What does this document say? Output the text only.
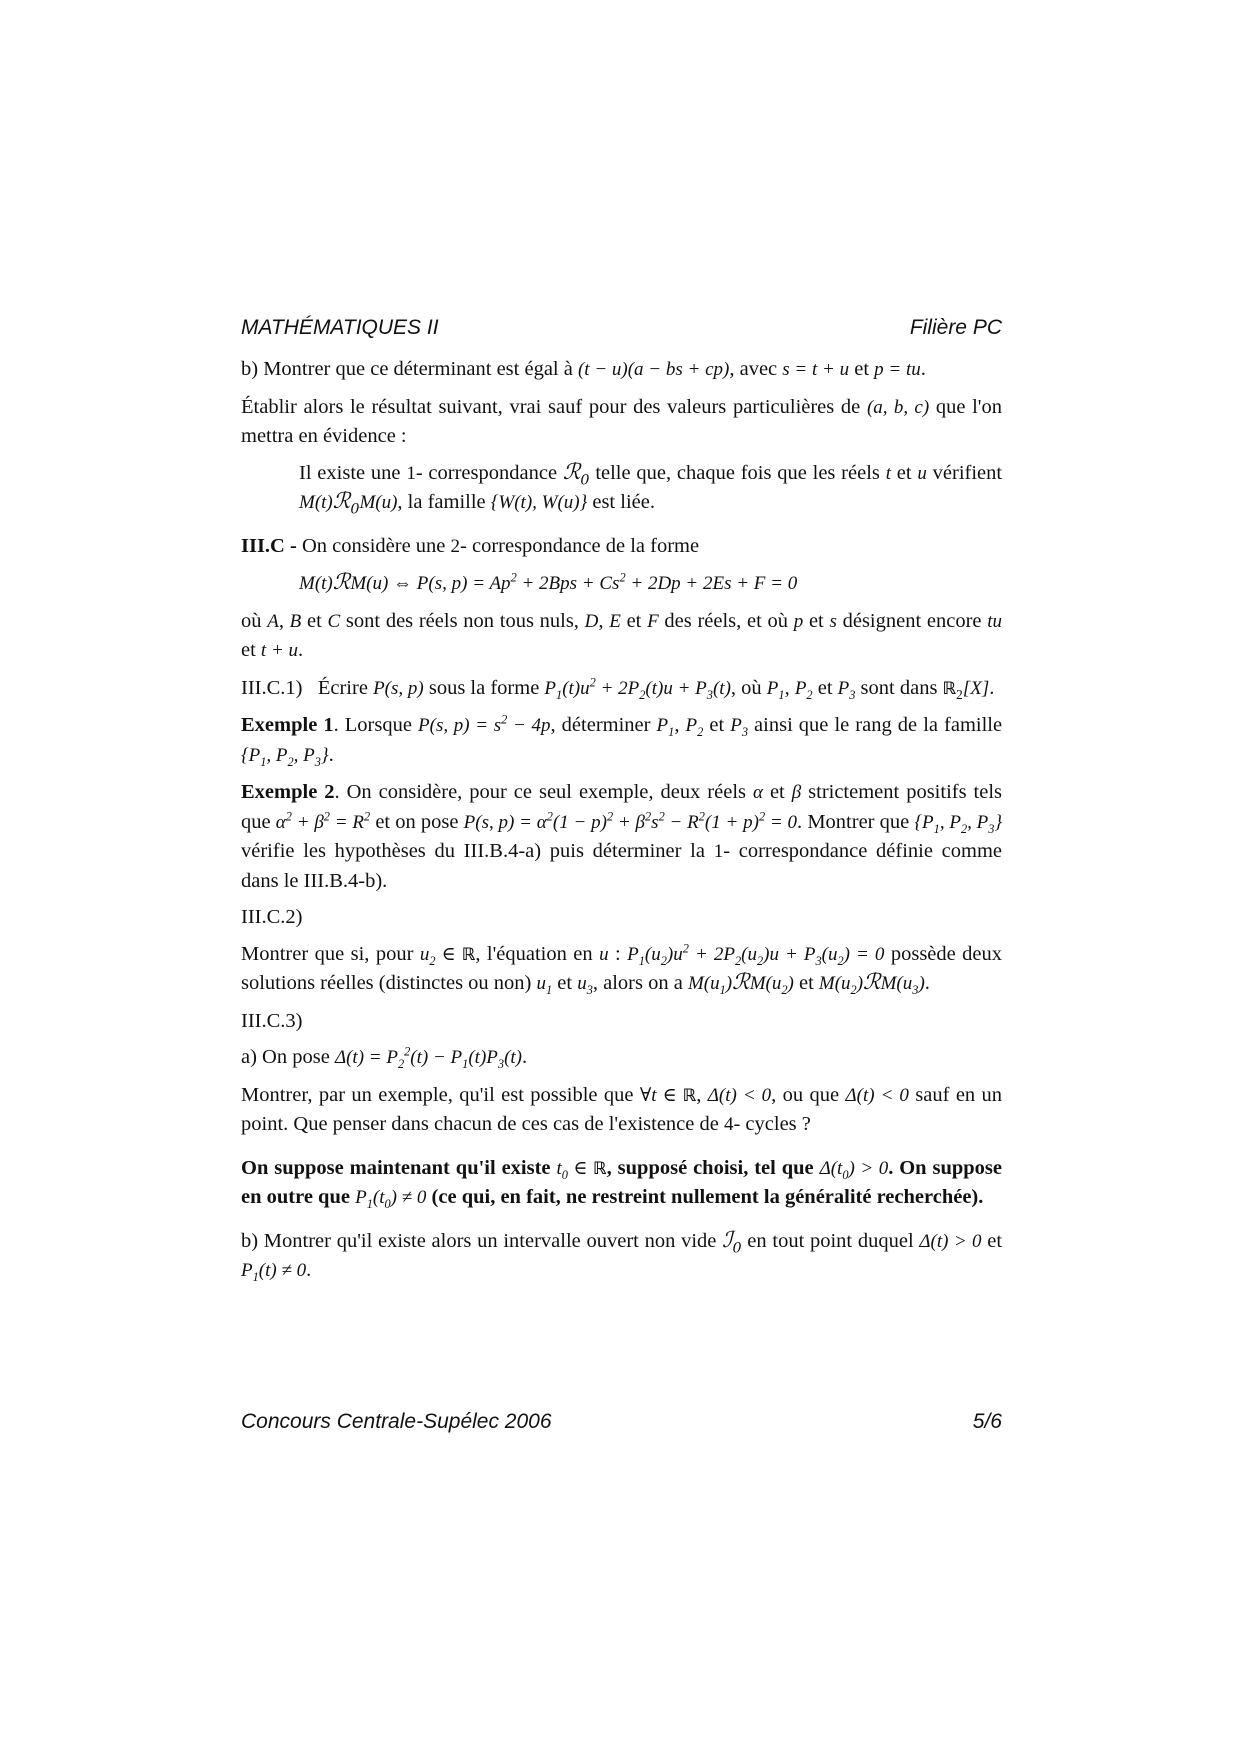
MATHÉMATIQUES II	Filière PC

b) Montrer que ce déterminant est égal à (t − u)(a − bs + cp), avec s = t + u et p = tu.

Établir alors le résultat suivant, vrai sauf pour des valeurs particulières de (a, b, c) que l'on mettra en évidence :

Il existe une 1- correspondance ℛ$_0$ telle que, chaque fois que les réels t et u vérifient M(t)ℛ$_0$M(u), la famille {W(t), W(u)} est liée.

III.C - On considère une 2- correspondance de la forme

M(t)ℛM(u) ⇔ P(s, $p) = Ap^2 + 2Bps + Cs^2 + 2Dp + 2Es + F = 0$

où A, B et C sont des réels non tous nuls, D, E et F des réels, et où p et s désignent encore tu et t + u.

III.C.1) Écrire P(s, p) sous la forme $P_1(t)u^2 + 2P_2(t)u + P_3(t)$, où $P_1$, $P_2$ et $P_3$ sont dans ℝ$_2$[X].

Exemple 1. Lorsque P(s, $p) = s^2 - 4p$, déterminer $P_1$, $P_2$ et $P_3$ ainsi que le rang de la famille {$P_1$, $P_2$, $P_3$}.

Exemple 2. On considère, pour ce seul exemple, deux réels α et β strictement positifs tels que $\alpha^2 + \beta^2 = R^2$ et on pose P(s, $p) = \alpha^2(1 - p)^2 + \beta^2s^2 - R^2(1 + p)^2 = 0$. Montrer que {$P_1$, $P_2$, $P_3$} vérifie les hypothèses du III.B.4-a) puis déterminer la 1- correspondance définie comme dans le III.B.4-b).

III.C.2)

Montrer que si, pour $u_2$ ∈ ℝ, l'équation en u : $P_1(u_2)u^2 + 2P_2(u_2)u + P_3(u_2) = 0$ possède deux solutions réelles (distinctes ou non) $u_1$ et $u_3$, alors on a $M(u_1)ℛM(u_2)$ et $M(u_2)ℛM(u_3)$.

III.C.3)

a) On pose $\Delta(t) = P_2^2(t) - P_1(t)P_3(t)$.

Montrer, par un exemple, qu'il est possible que ∀t ∈ ℝ, Δ(t) < 0, ou que Δ(t) < 0 sauf en un point. Que penser dans chacun de ces cas de l'existence de 4- cycles ?

On suppose maintenant qu'il existe $t_0$ ∈ ℝ, supposé choisi, tel que $\Delta(t_0) > 0$. On suppose en outre que $P_1(t_0) \ne 0$ (ce qui, en fait, ne restreint nullement la généralité recherchée).

b) Montrer qu'il existe alors un intervalle ouvert non vide ℐ$_0$ en tout point duquel Δ(t) > 0 et $P_1(t) \ne 0$.

Concours Centrale-Supélec 2006	5/6
